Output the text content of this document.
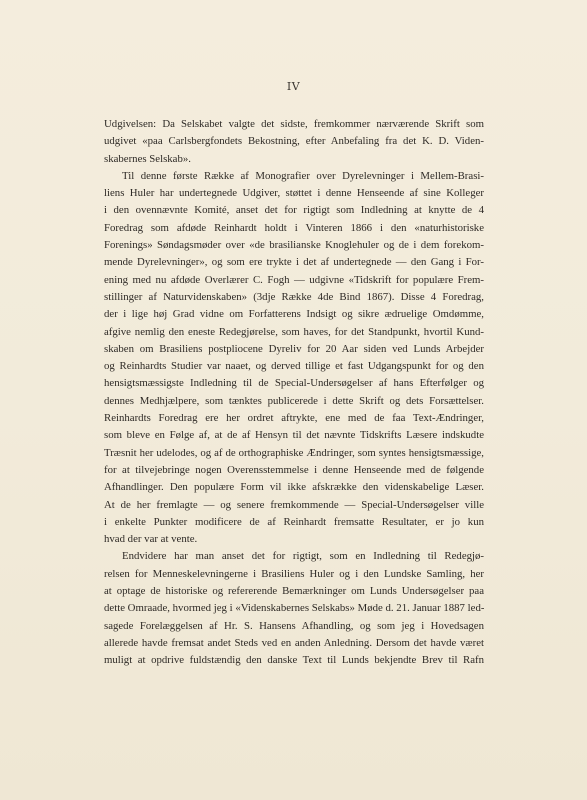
IV
Udgivelsen: Da Selskabet valgte det sidste, fremkommer nærværende Skrift som
udgivet «paa Carlsbergfondets Bekostning, efter Anbefaling fra det K. D. Viden-
skabernes Selskab».
Til denne første Række af Monografier over Dyrelevninger i Mellem-Brasi-
liens Huler har undertegnede Udgiver, støttet i denne Henseende af sine Kolleger
i den ovennævnte Komité, anset det for rigtigt som Indledning at knytte de 4
Foredrag som afdøde Reinhardt holdt i Vinteren 1866 i den «naturhistoriske
Forenings» Søndagsmøder over «de brasilianske Knoglehuler og de i dem forekom-
mende Dyrelevninger», og som ere trykte i det af undertegnede — den Gang i For-
ening med nu afdøde Overlærer C. Fogh — udgivne «Tidskrift for populære Frem-
stillinger af Naturvidenskaben» (3dje Række 4de Bind 1867). Disse 4 Foredrag,
der i lige høj Grad vidne om Forfatterens Indsigt og sikre ædruelige Omdømme,
afgive nemlig den eneste Redegjørelse, som haves, for det Standpunkt, hvortil Kund-
skaben om Brasiliens postpliocene Dyreliv for 20 Aar siden ved Lunds Arbejder
og Reinhardts Studier var naaet, og derved tillige et fast Udgangspunkt for og den
hensigtsmæssigste Indledning til de Special-Undersøgelser af hans Efterfølger og
dennes Medhjælpere, som tænktes publicerede i dette Skrift og dets Forsættelser.
Reinhardts Foredrag ere her ordret aftrykte, ene med de faa Text-Ændringer,
som bleve en Følge af, at de af Hensyn til det nævnte Tidskrifts Læsere indskudte
Træsnit her udelodes, og af de orthographiske Ændringer, som syntes hensigtsmæssige,
for at tilvejebringe nogen Overensstemmelse i denne Henseende med de følgende
Afhandlinger. Den populære Form vil ikke afskrække den videnskabelige Læser.
At de her fremlagte — og senere fremkommende — Special-Undersøgelser ville
i enkelte Punkter modificere de af Reinhardt fremsatte Resultater, er jo kun
hvad der var at vente.
Endvidere har man anset det for rigtigt, som en Indledning til Redegjø-
relsen for Menneskelevningerne i Brasiliens Huler og i den Lundske Samling, her
at optage de historiske og refererende Bemærkninger om Lunds Undersøgelser paa
dette Omraade, hvormed jeg i «Videnskabernes Selskabs» Møde d. 21. Januar 1887 led-
sagede Forelæggelsen af Hr. S. Hansens Afhandling, og som jeg i Hovedsagen
allerede havde fremsat andet Steds ved en anden Anledning. Dersom det havde været
muligt at opdrive fuldstændig den danske Text til Lunds bekjendte Brev til Rafn
